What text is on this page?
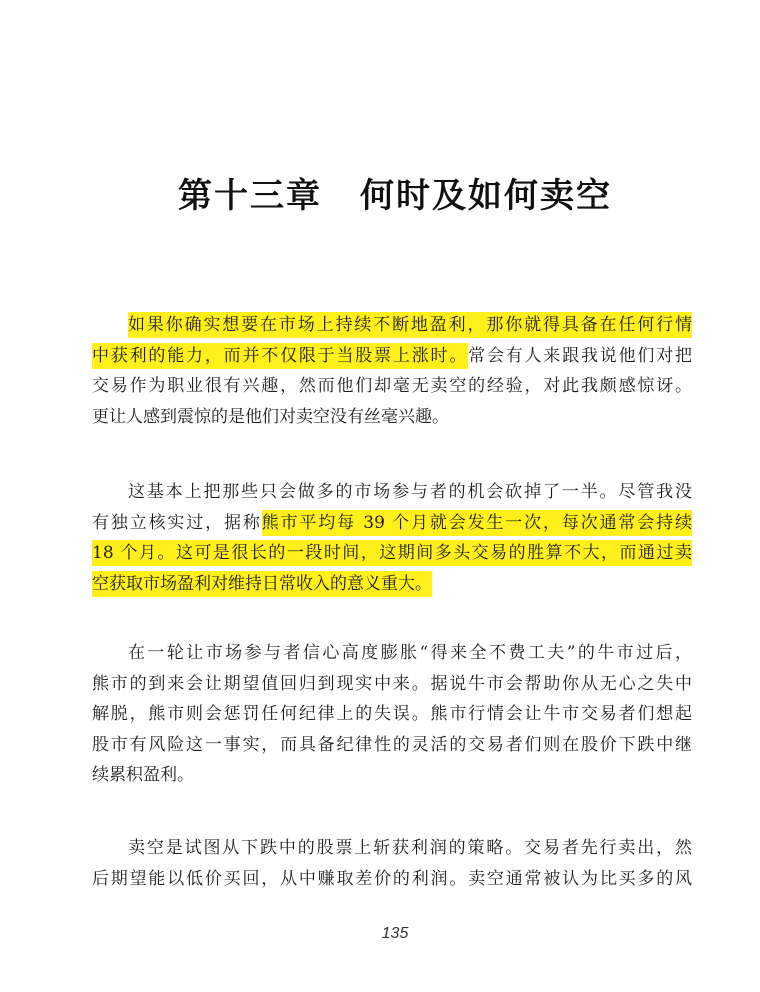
第十三章 何时及如何卖空

如果你确实想要在市场上持续不断地盈利，那你就得具备在任何行情
中获利的能力，而并不仅限于当股票上涨时。常会有人来跟我说他们对把
交易作为职业很有兴趣，然而他们却毫无卖空的经验，对此我颇感惊讶。
更让人感到震惊的是他们对卖空没有丝毫兴趣。

这基本上把那些只会做多的市场参与者的机会砍掉了一半。尽管我没
有独立核实过，据称熊市平均每 39 个月就会发生一次，每次通常会持续
18 个月。这可是很长的一段时间，这期间多头交易的胜算不大，而通过卖
空获取市场盈利对维持日常收入的意义重大。

在一轮让市场参与者信心高度膨胀“得来全不费工夫”的牛市过后，
熊市的到来会让期望值回归到现实中来。据说牛市会帮助你从无心之失中
解脱，熊市则会惩罚任何纪律上的失误。熊市行情会让牛市交易者们想起
股市有风险这一事实，而具备纪律性的灵活的交易者们则在股价下跌中继
续累积盈利。

卖空是试图从下跌中的股票上斩获利润的策略。交易者先行卖出，然
后期望能以低价买回，从中赚取差价的利润。卖空通常被认为比买多的风

135
